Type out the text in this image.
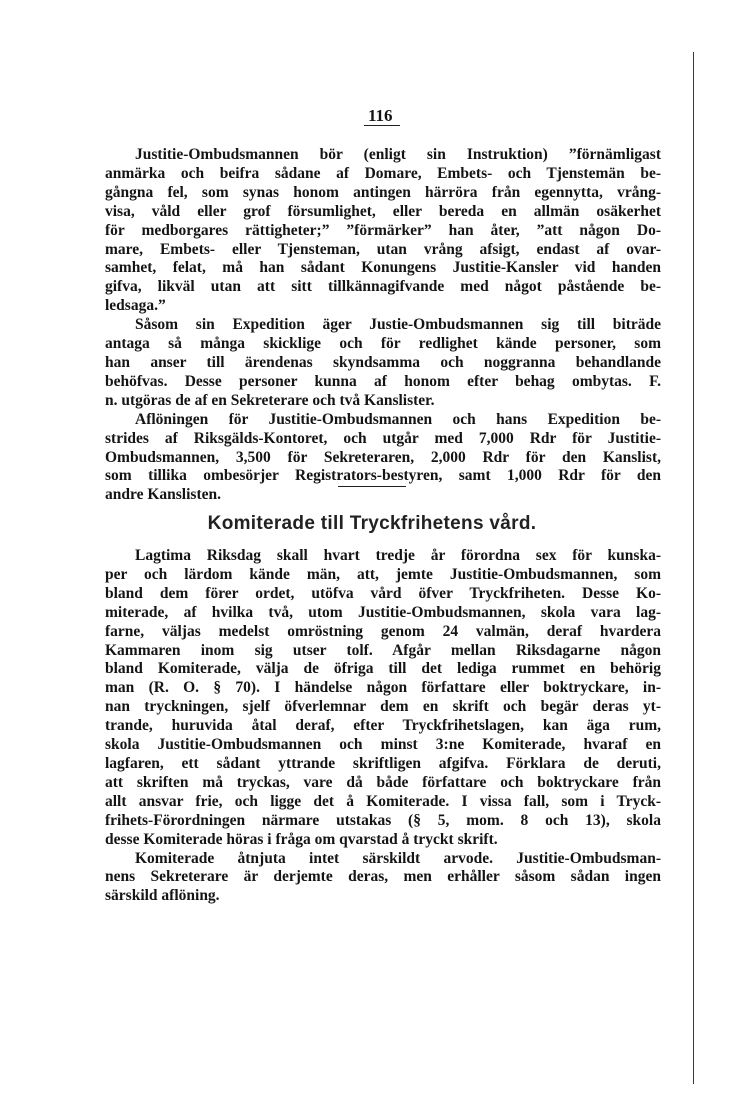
116
Justitie-Ombudsmannen bör (enligt sin Instruktion) ”förnämligast
anmärka och beifra sådane af Domare, Embets- och Tjenstemän be-
gångna fel, som synas honom antingen härröra från egennytta, vrång-
visa, våld eller grof försumlighet, eller bereda en allmän osäkerhet
för medborgares rättigheter;” ”förmärker” han åter, ”att någon Do-
mare, Embets- eller Tjensteman, utan vrång afsigt, endast af ovar-
samhet, felat, må han sådant Konungens Justitie-Kansler vid handen
gifva, likväl utan att sitt tillkännagifvande med något påstående be-
ledsaga.”
Såsom sin Expedition äger Justie-Ombudsmannen sig till biträde
antaga så många skicklige och för redlighet kände personer, som
han anser till ärendenas skyndsamma och noggranna behandlande
behöfvas. Desse personer kunna af honom efter behag ombytas. F.
n. utgöras de af en Sekreterare och två Kanslister.
Aflöningen för Justitie-Ombudsmannen och hans Expedition be-
strides af Riksgälds-Kontoret, och utgår med 7,000 Rdr för Justitie-
Ombudsmannen, 3,500 för Sekreteraren, 2,000 Rdr för den Kanslist,
som tillika ombesörjer Registrators-bestyren, samt 1,000 Rdr för den
andre Kanslisten.
Komiterade till Tryckfrihetens vård.
Lagtima Riksdag skall hvart tredje år förordna sex för kunska-
per och lärdom kände män, att, jemte Justitie-Ombudsmannen, som
bland dem förer ordet, utöfva vård öfver Tryckfriheten. Desse Ko-
miterade, af hvilka två, utom Justitie-Ombudsmannen, skola vara lag-
farne, väljas medelst omröstning genom 24 valmän, deraf hvardera
Kammaren inom sig utser tolf. Afgår mellan Riksdagarne någon
bland Komiterade, välja de öfriga till det lediga rummet en behörig
man (R. O. § 70). I händelse någon författare eller boktryckare, in-
nan tryckningen, sjelf öfverlemnar dem en skrift och begär deras yt-
trande, huruvida åtal deraf, efter Tryckfrihetslagen, kan äga rum,
skola Justitie-Ombudsmannen och minst 3:ne Komiterade, hvaraf en
lagfaren, ett sådant yttrande skriftligen afgifva. Förklara de deruti,
att skriften må tryckas, vare då både författare och boktryckare från
allt ansvar frie, och ligge det å Komiterade. I vissa fall, som i Tryck-
frihets-Förordningen närmare utstakas (§ 5, mom. 8 och 13), skola
desse Komiterade höras i fråga om qvarstad å tryckt skrift.
Komiterade åtnjuta intet särskildt arvode. Justitie-Ombudsman-
nens Sekreterare är derjemte deras, men erhåller såsom sådan ingen
särskild aflöning.
